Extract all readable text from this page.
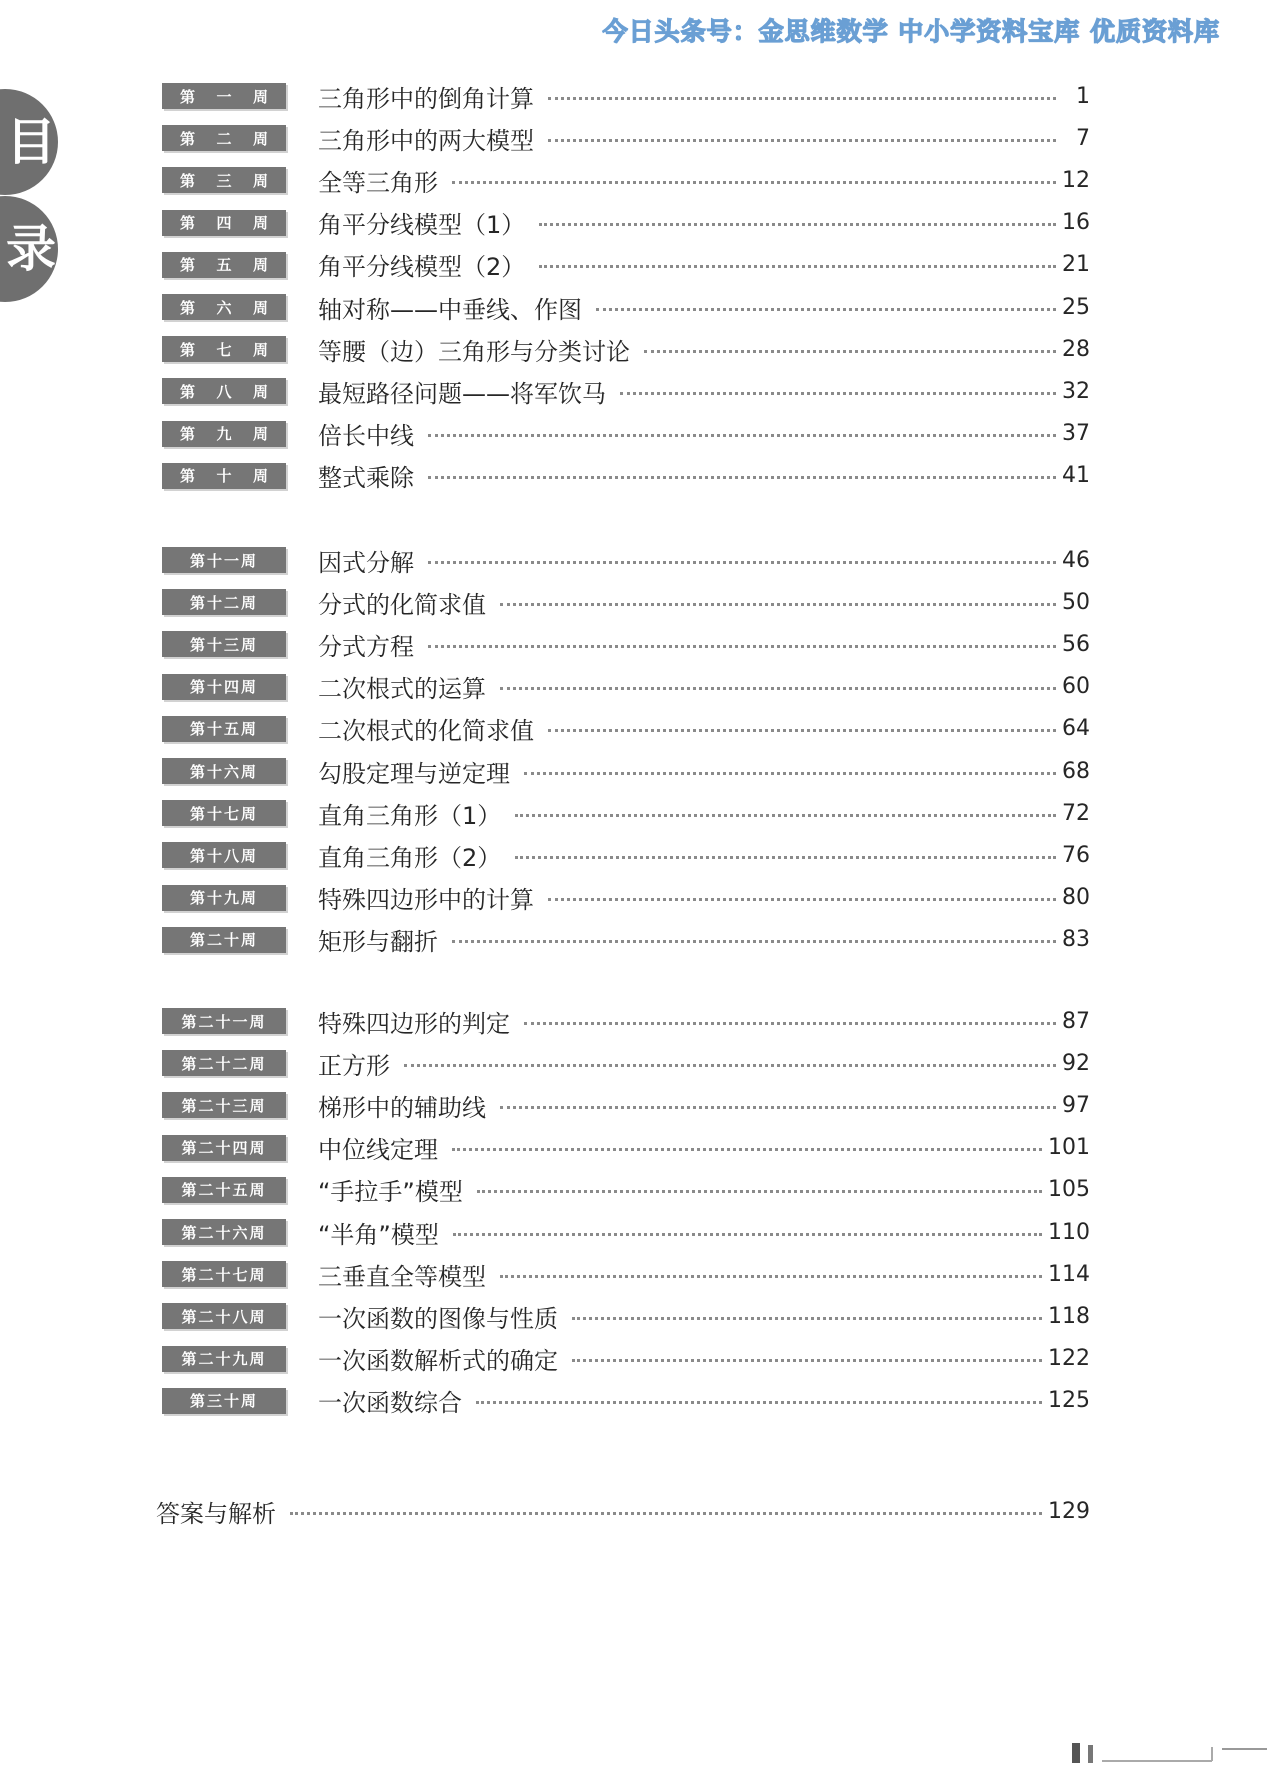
今日头条号：金思维数学 中小学资料宝库 优质资料库
目
录
第 一 周 三角形中的倒角计算	1
第 二 周 三角形中的两大模型	7
第 三 周 全等三角形	12
第 四 周 角平分线模型（1）	16
第 五 周 角平分线模型（2）	21
第 六 周 轴对称——中垂线、作图	25
第 七 周 等腰（边）三角形与分类讨论	28
第 八 周 最短路径问题——将军饮马	32
第 九 周 倍长中线	37
第 十 周 整式乘除	41
第十一周	因式分解	46
第十二周	分式的化简求值	50
第十三周	分式方程	56
第十四周	二次根式的运算	60
第十五周	二次根式的化简求值	64
第十六周	勾股定理与逆定理	68
第十七周	直角三角形（1）	72
第十八周	直角三角形（2）	76
第十九周	特殊四边形中的计算	80
第二十周	矩形与翻折	83
第二十一周	特殊四边形的判定	87
第二十二周	正方形	92
第二十三周	梯形中的辅助线	97
第二十四周	中位线定理	101
第二十五周	“手拉手”模型	105
第二十六周	“半角”模型	110
第二十七周	三垂直全等模型	114
第二十八周	一次函数的图像与性质	118
第二十九周	一次函数解析式的确定	122
第三十周	一次函数综合	125
答案与解析	129
